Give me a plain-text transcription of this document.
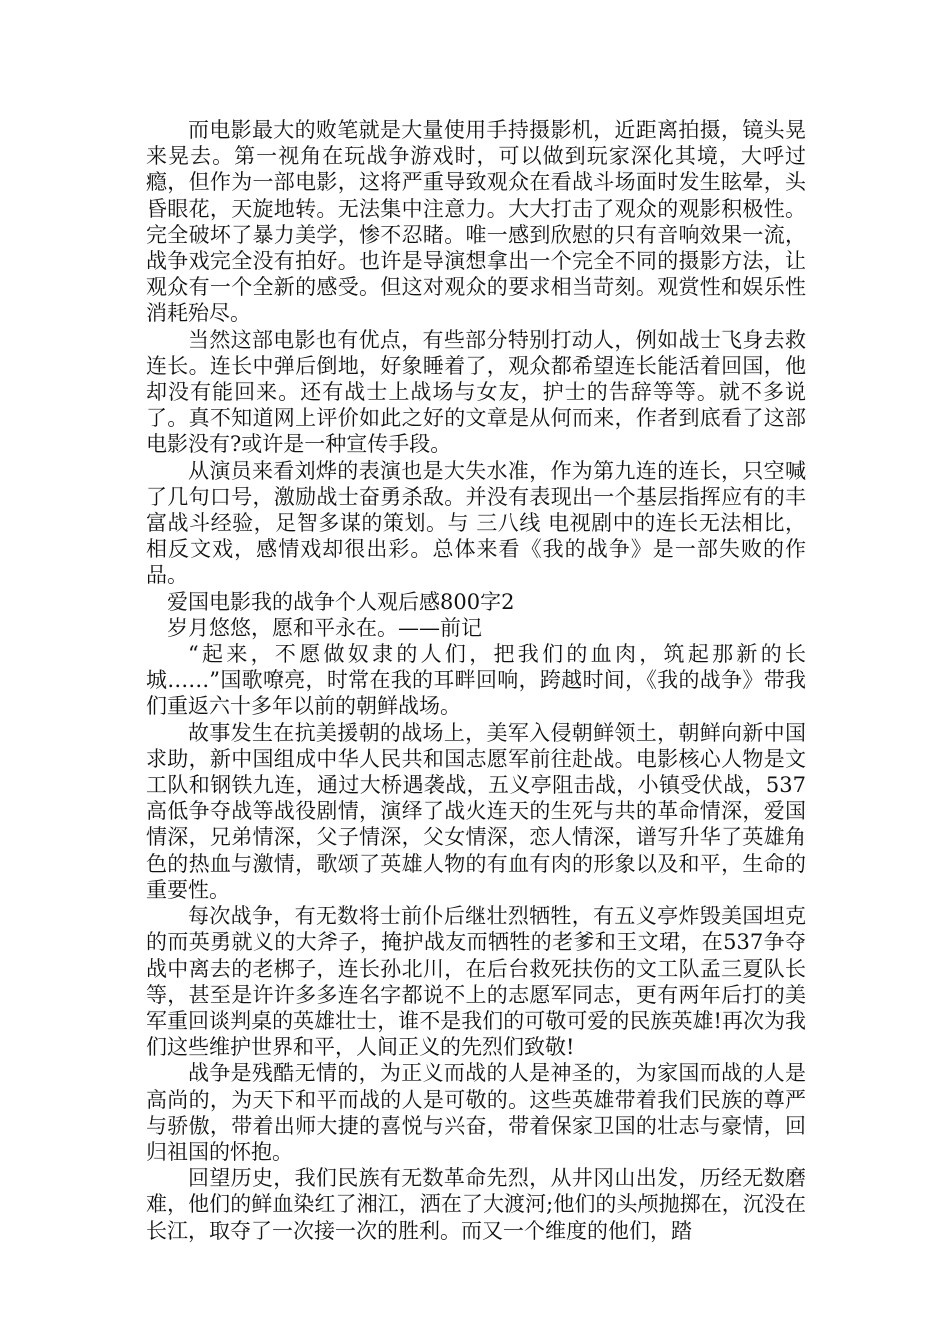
而电影最大的败笔就是大量使用手持摄影机，近距离拍摄，镜头晃来晃去。第一视角在玩战争游戏时，可以做到玩家深化其境，大呼过瘾，但作为一部电影，这将严重导致观众在看战斗场面时发生眩晕，头昏眼花，天旋地转。无法集中注意力。大大打击了观众的观影积极性。完全破坏了暴力美学，惨不忍睹。唯一感到欣慰的只有音响效果一流，战争戏完全没有拍好。也许是导演想拿出一个完全不同的摄影方法，让观众有一个全新的感受。但这对观众的要求相当苛刻。观赏性和娱乐性消耗殆尽。

当然这部电影也有优点，有些部分特别打动人，例如战士飞身去救连长。连长中弹后倒地，好象睡着了，观众都希望连长能活着回国，他却没有能回来。还有战士上战场与女友，护士的告辞等等。就不多说了。真不知道网上评价如此之好的文章是从何而来，作者到底看了这部电影没有?或许是一种宣传手段。

从演员来看刘烨的表演也是大失水准，作为第九连的连长，只空喊了几句口号，激励战士奋勇杀敌。并没有表现出一个基层指挥应有的丰富战斗经验，足智多谋的策划。与 三八线 电视剧中的连长无法相比，相反文戏，感情戏却很出彩。总体来看《我的战争》是一部失败的作品。

爱国电影我的战争个人观后感800字2

岁月悠悠，愿和平永在。——前记

“起来，不愿做奴隶的人们，把我们的血肉，筑起那新的长城……”国歌嘹亮，时常在我的耳畔回响，跨越时间，《我的战争》带我们重返六十多年以前的朝鲜战场。

故事发生在抗美援朝的战场上，美军入侵朝鲜领土，朝鲜向新中国求助，新中国组成中华人民共和国志愿军前往赴战。电影核心人物是文工队和钢铁九连，通过大桥遇袭战，五义亭阻击战，小镇受伏战，537高低争夺战等战役剧情，演绎了战火连天的生死与共的革命情深，爱国情深，兄弟情深，父子情深，父女情深，恋人情深，谱写升华了英雄角色的热血与激情，歌颂了英雄人物的有血有肉的形象以及和平，生命的重要性。

每次战争，有无数将士前仆后继壮烈牺牲，有五义亭炸毁美国坦克的而英勇就义的大斧子，掩护战友而牺牲的老爹和王文珺，在537争夺战中离去的老梆子，连长孙北川，在后台救死扶伤的文工队孟三夏队长等，甚至是许许多多连名字都说不上的志愿军同志，更有两年后打的美军重回谈判桌的英雄壮士，谁不是我们的可敬可爱的民族英雄!再次为我们这些维护世界和平，人间正义的先烈们致敬!

战争是残酷无情的，为正义而战的人是神圣的，为家国而战的人是高尚的，为天下和平而战的人是可敬的。这些英雄带着我们民族的尊严与骄傲，带着出师大捷的喜悦与兴奋，带着保家卫国的壮志与豪情，回归祖国的怀抱。

回望历史，我们民族有无数革命先烈，从井冈山出发，历经无数磨难，他们的鲜血染红了湘江，洒在了大渡河;他们的头颅抛掷在，沉没在长江，取夺了一次接一次的胜利。而又一个维度的他们，踏
